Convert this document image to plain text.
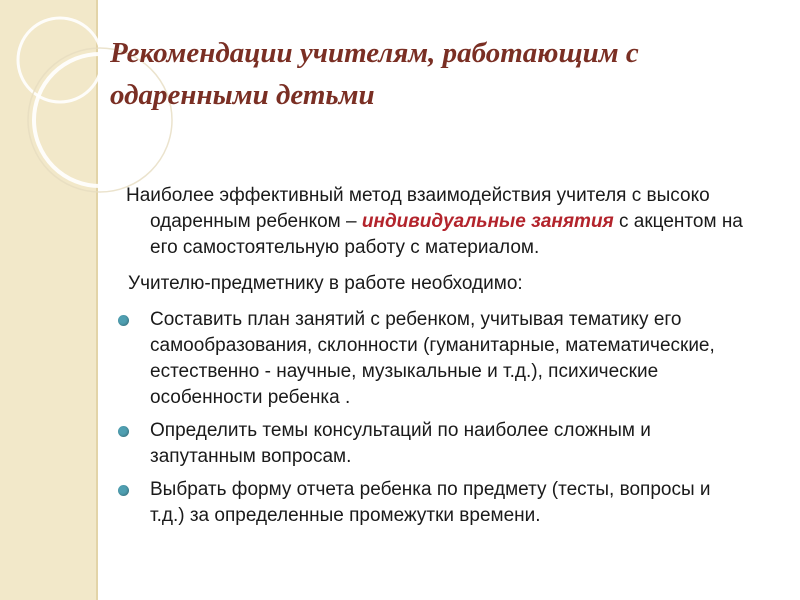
Рекомендации учителям, работающим с одаренными детьми

Наиболее эффективный метод взаимодействия учителя с высоко одаренным ребенком – индивидуальные занятия с акцентом на его самостоятельную работу с материалом.

Учителю-предметнику в работе необходимо:

Составить план занятий с ребенком, учитывая тематику его самообразования, склонности (гуманитарные, математические, естественно - научные, музыкальные и т.д.), психические особенности ребенка .
Определить темы консультаций по наиболее сложным и запутанным вопросам.
Выбрать форму отчета ребенка по предмету (тесты, вопросы и т.д.) за определенные промежутки времени.
